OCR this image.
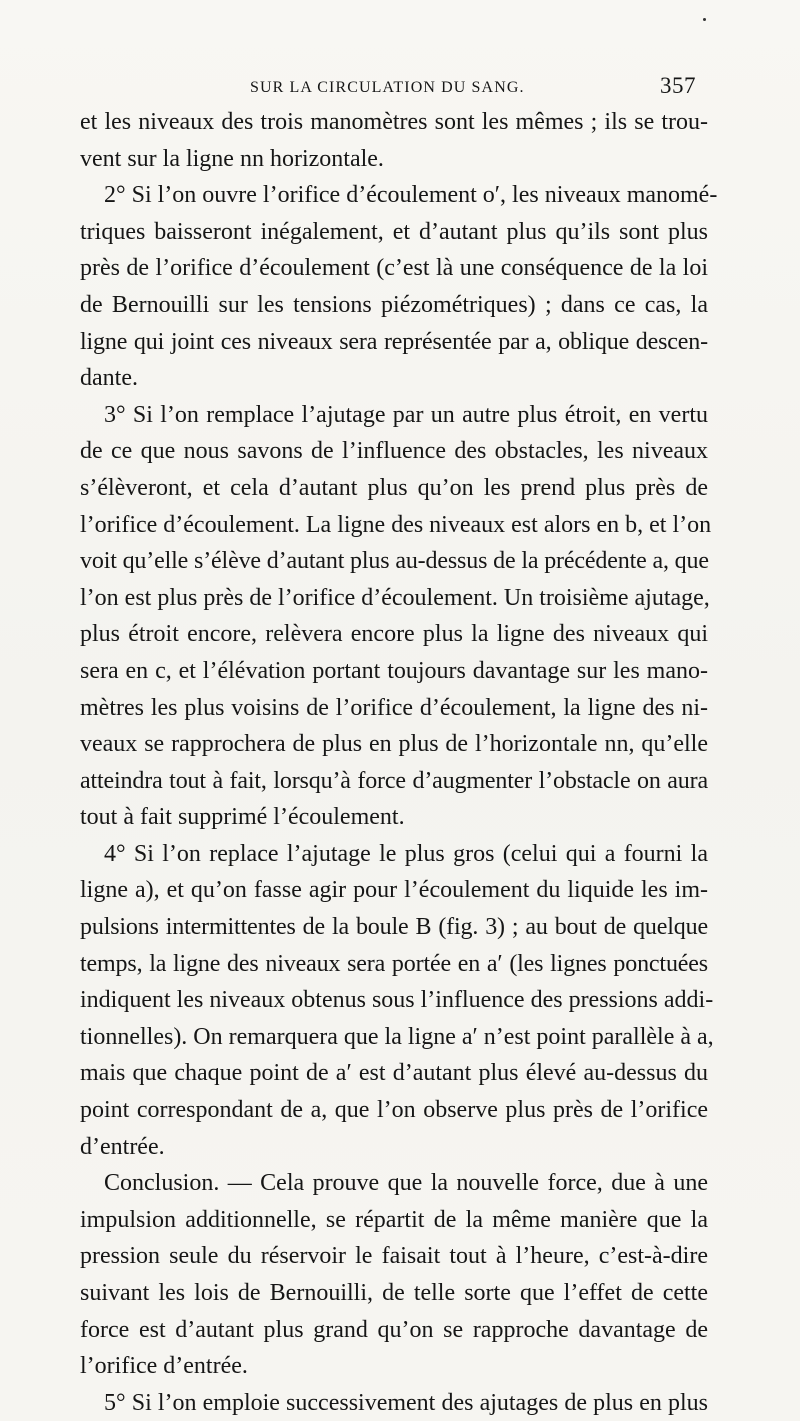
SUR LA CIRCULATION DU SANG.	357
et les niveaux des trois manomètres sont les mêmes ; ils se trou-
vent sur la ligne nn horizontale.
2° Si l’on ouvre l’orifice d’écoulement o′, les niveaux manomé-
triques baisseront inégalement, et d’autant plus qu’ils sont plus
près de l’orifice d’écoulement (c’est là une conséquence de la loi
de Bernouilli sur les tensions piézométriques) ; dans ce cas, la
ligne qui joint ces niveaux sera représentée par a, oblique descen-
dante.
3° Si l’on remplace l’ajutage par un autre plus étroit, en vertu
de ce que nous savons de l’influence des obstacles, les niveaux
s’élèveront, et cela d’autant plus qu’on les prend plus près de
l’orifice d’écoulement. La ligne des niveaux est alors en b, et l’on
voit qu’elle s’élève d’autant plus au-dessus de la précédente a, que
l’on est plus près de l’orifice d’écoulement. Un troisième ajutage,
plus étroit encore, relèvera encore plus la ligne des niveaux qui
sera en c, et l’élévation portant toujours davantage sur les mano-
mètres les plus voisins de l’orifice d’écoulement, la ligne des ni-
veaux se rapprochera de plus en plus de l’horizontale nn, qu’elle
atteindra tout à fait, lorsqu’à force d’augmenter l’obstacle on aura
tout à fait supprimé l’écoulement.
4° Si l’on replace l’ajutage le plus gros (celui qui a fourni la
ligne a), et qu’on fasse agir pour l’écoulement du liquide les im-
pulsions intermittentes de la boule B (fig. 3) ; au bout de quelque
temps, la ligne des niveaux sera portée en a′ (les lignes ponctuées
indiquent les niveaux obtenus sous l’influence des pressions addi-
tionnelles). On remarquera que la ligne a′ n’est point parallèle à a,
mais que chaque point de a′ est d’autant plus élevé au-dessus du
point correspondant de a, que l’on observe plus près de l’orifice
d’entrée.
Conclusion. — Cela prouve que la nouvelle force, due à une
impulsion additionnelle, se répartit de la même manière que la
pression seule du réservoir le faisait tout à l’heure, c’est-à-dire
suivant les lois de Bernouilli, de telle sorte que l’effet de cette
force est d’autant plus grand qu’on se rapproche davantage de
l’orifice d’entrée.
5° Si l’on emploie successivement des ajutages de plus en plus
